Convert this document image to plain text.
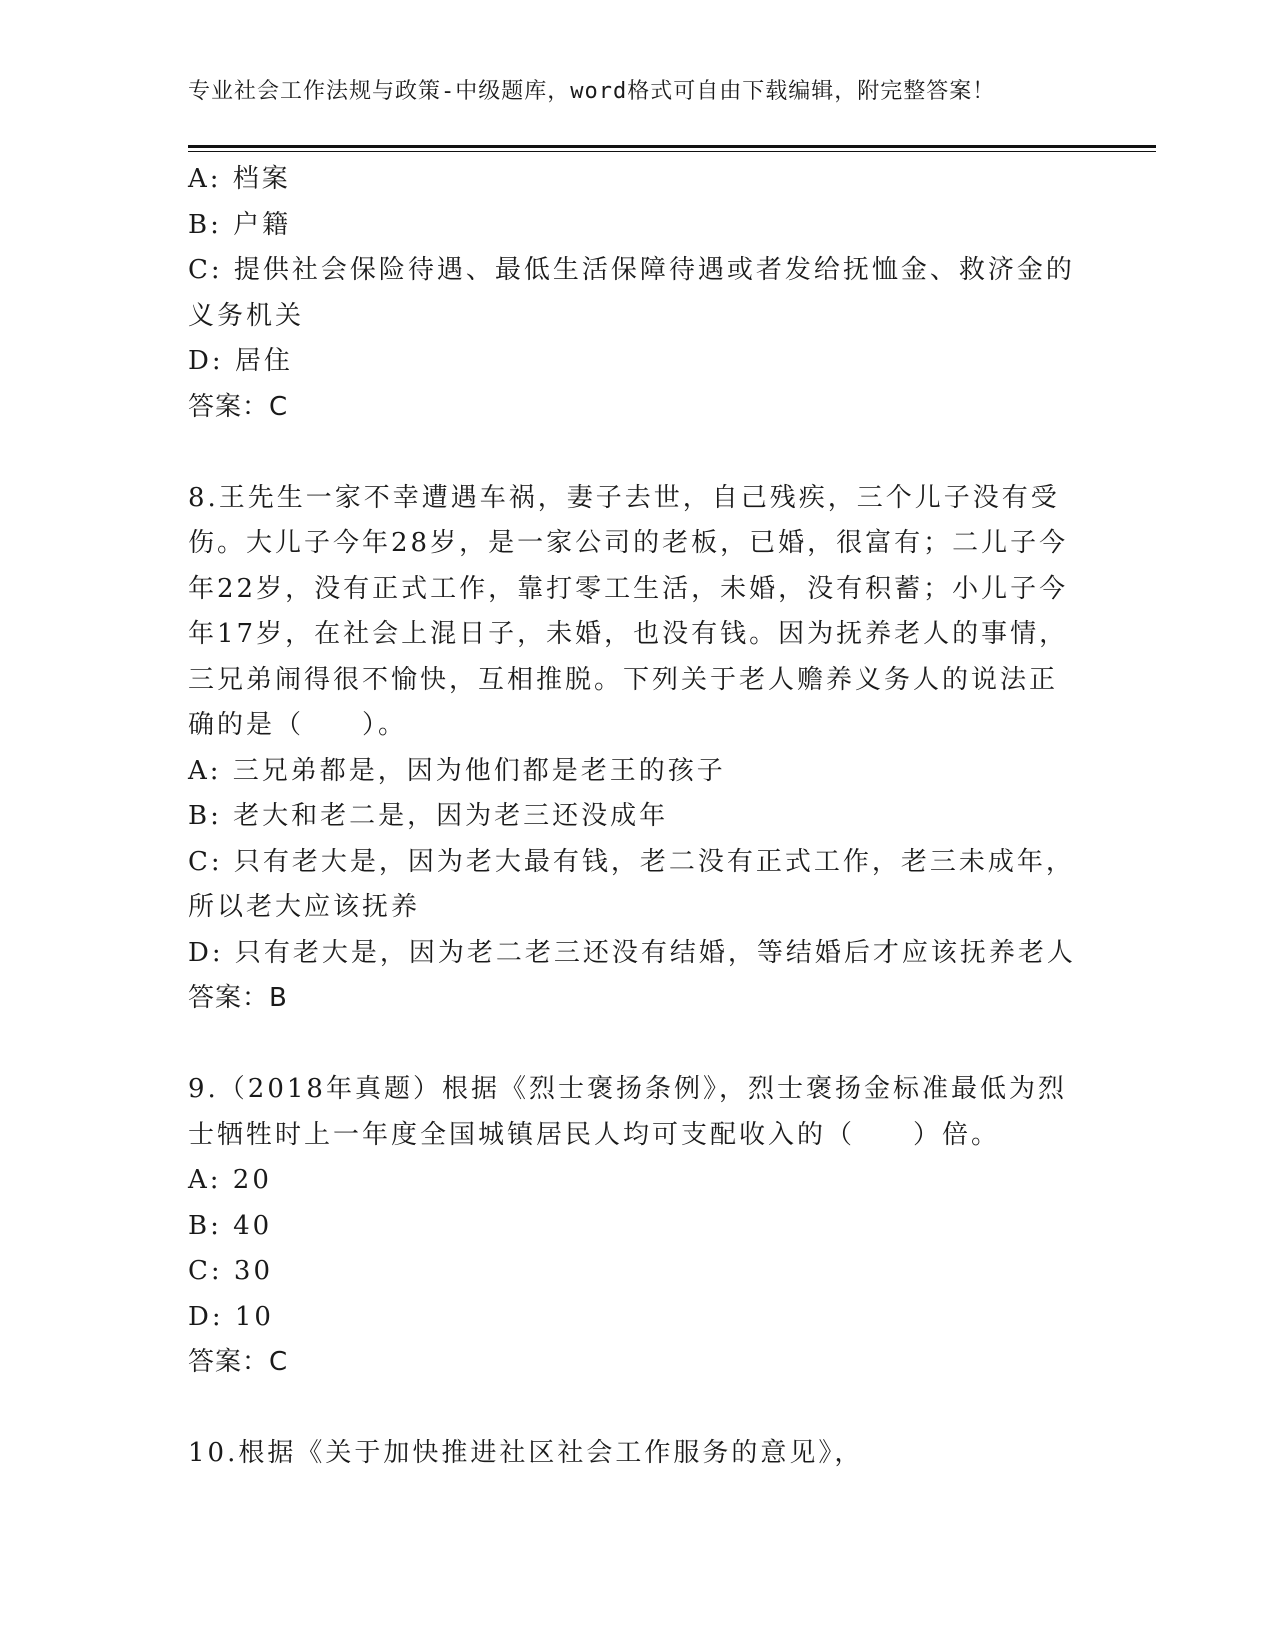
专业社会工作法规与政策-中级题库，word格式可自由下载编辑，附完整答案！
A: 档案
B: 户籍
C: 提供社会保险待遇、最低生活保障待遇或者发给抚恤金、救济金的
义务机关
D: 居住
答案：C
8.王先生一家不幸遭遇车祸，妻子去世，自己残疾，三个儿子没有受
伤。大儿子今年28岁，是一家公司的老板，已婚，很富有；二儿子今
年22岁，没有正式工作，靠打零工生活，未婚，没有积蓄；小儿子今
年17岁，在社会上混日子，未婚，也没有钱。因为抚养老人的事情，
三兄弟闹得很不愉快，互相推脱。下列关于老人赡养义务人的说法正
确的是（　　）。
A: 三兄弟都是，因为他们都是老王的孩子
B: 老大和老二是，因为老三还没成年
C: 只有老大是，因为老大最有钱，老二没有正式工作，老三未成年，
所以老大应该抚养
D: 只有老大是，因为老二老三还没有结婚，等结婚后才应该抚养老人
答案：B
9.（2018年真题）根据《烈士褒扬条例》，烈士褒扬金标准最低为烈
士牺牲时上一年度全国城镇居民人均可支配收入的（　　）倍。
A: 20
B: 40
C: 30
D: 10
答案：C
10.根据《关于加快推进社区社会工作服务的意见》，
